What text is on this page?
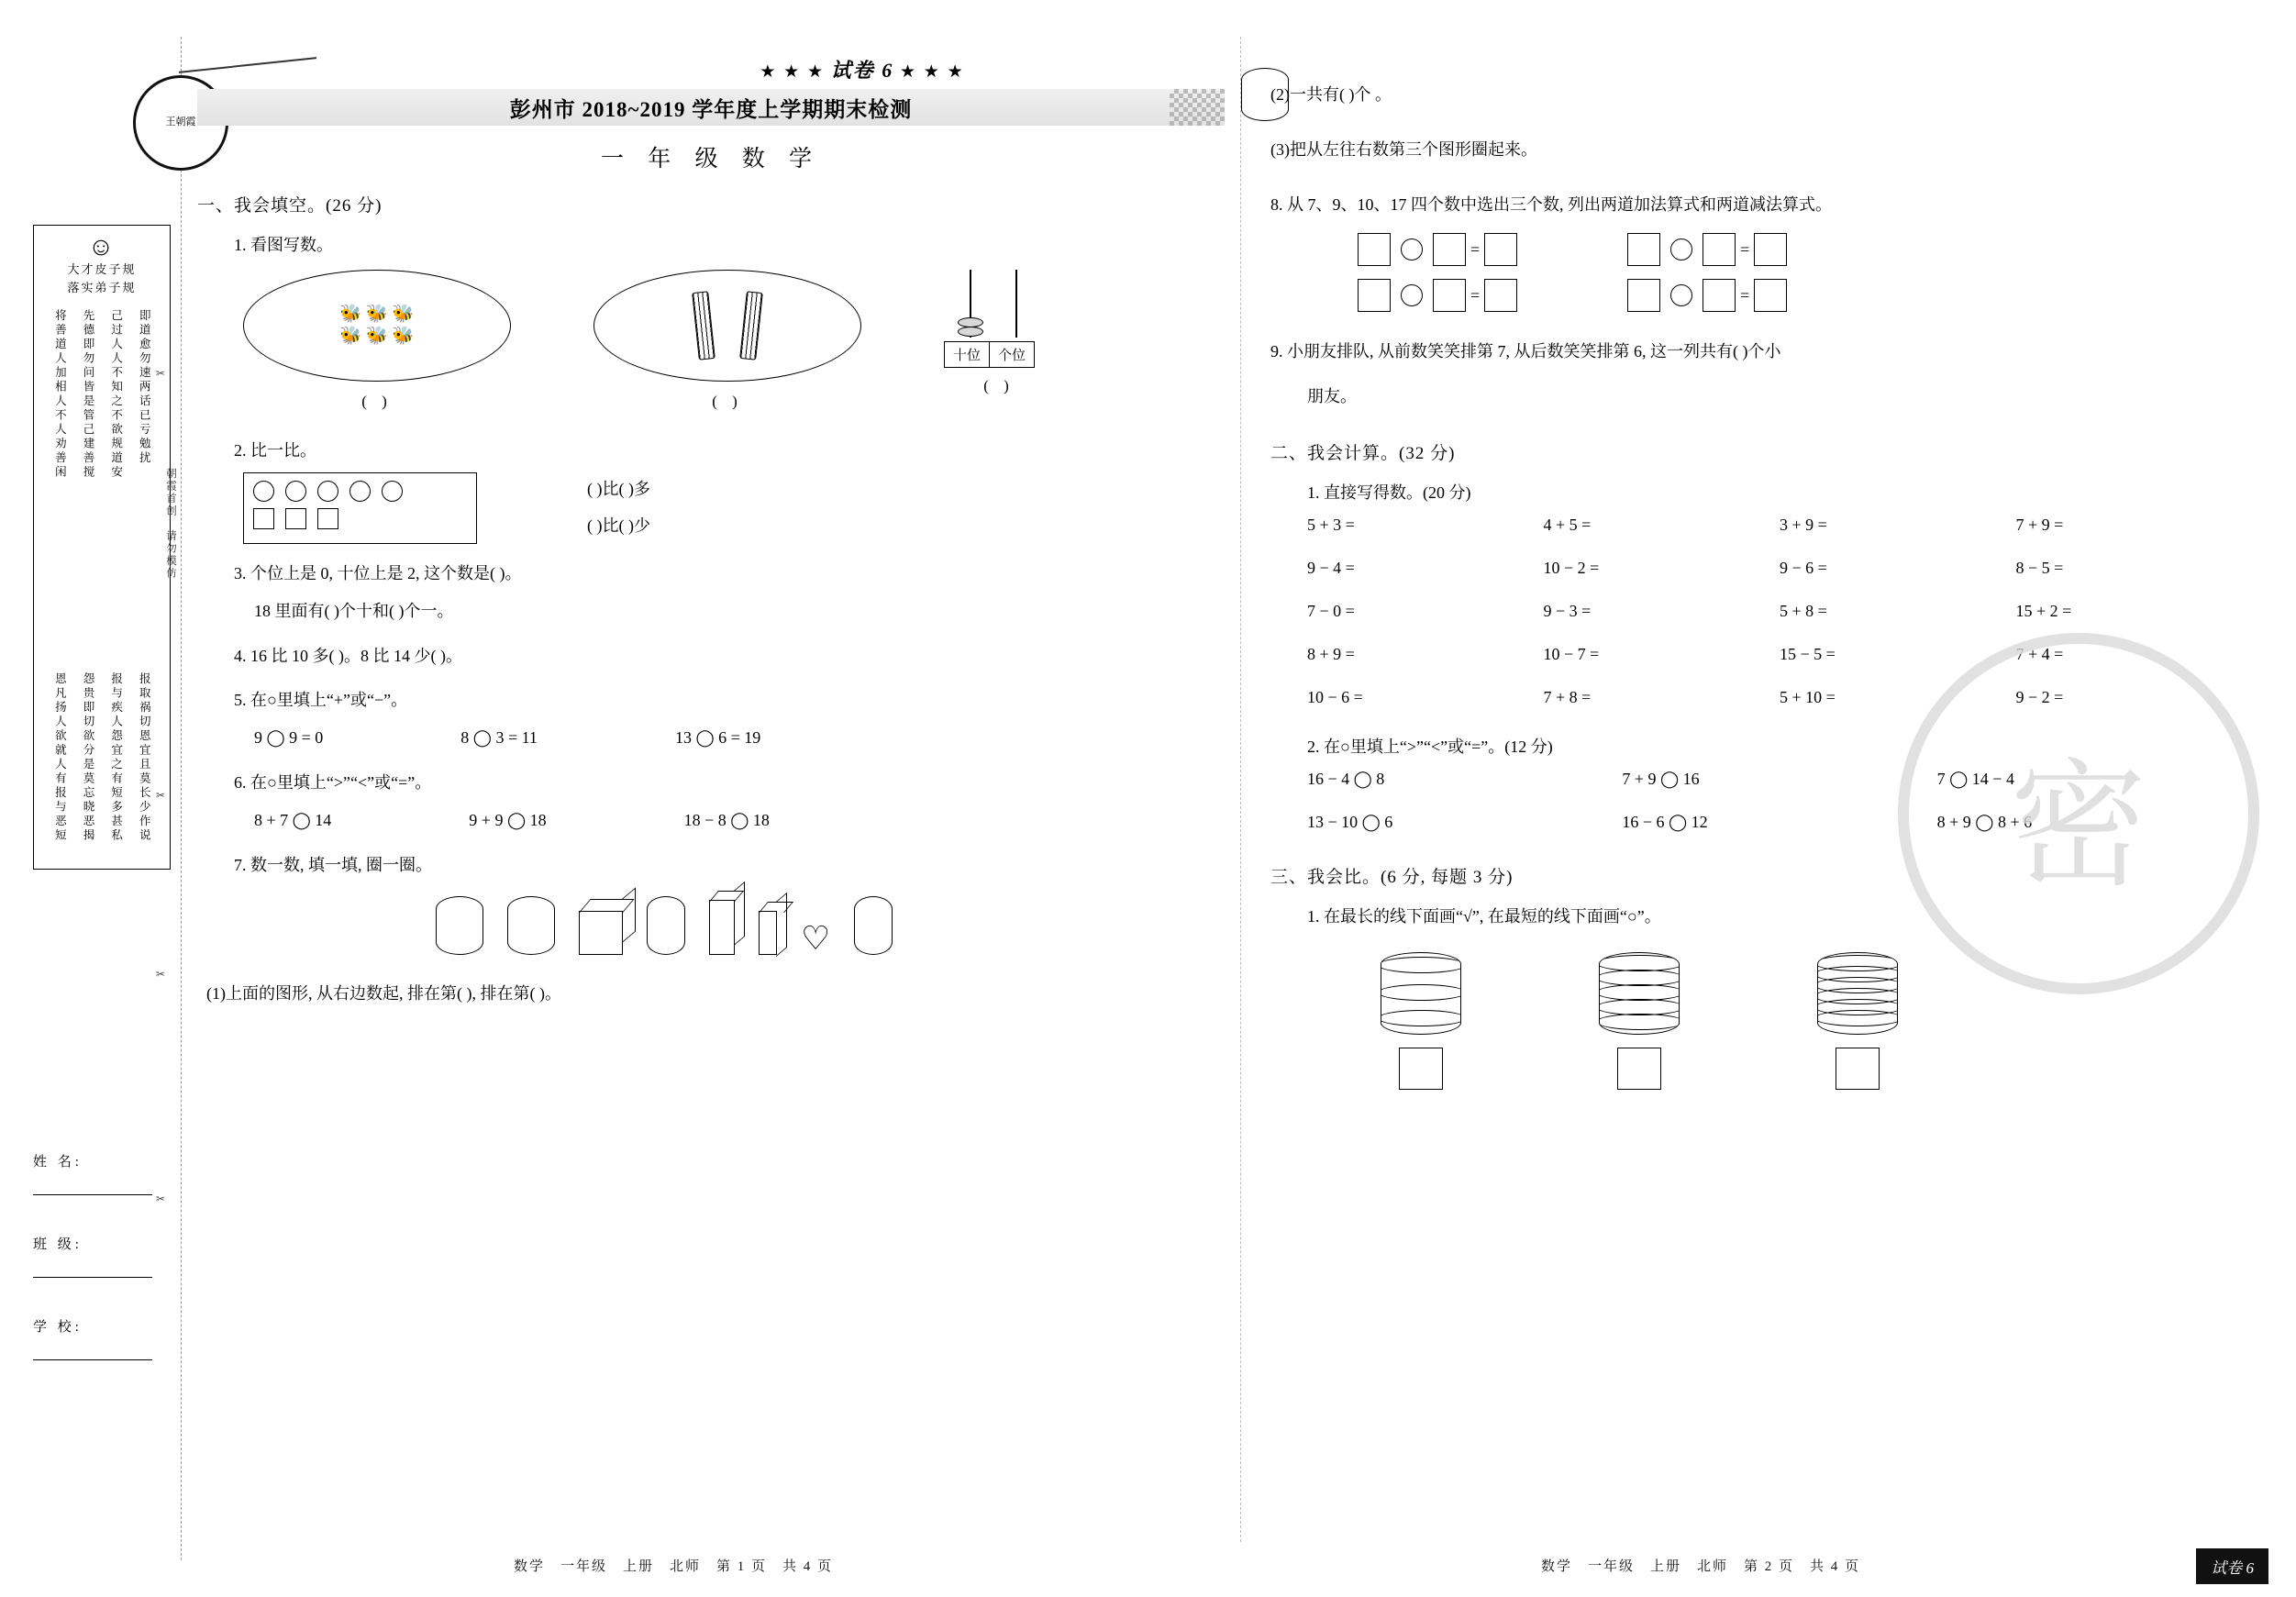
☺
大才皮子规
落实弟子规
将善道人加相人不人劝善闲 先德即勿问皆是管己建善搅 己过人人不知之不欲规道安 即道愈勿速两话已亏勉扰
恩凡扬人欲就人有报与恶短 怨贵即切欲分是莫忘晓恶揭 报与疾人怨宜之有短多甚私 报取祸切恩宜且莫长少作说
朝霞首创 请勿模仿
✂
✂
✂
✂
姓 名:
班 级:
学 校:
王朝霞
★ ★ ★ 试卷 6 ★ ★ ★
彭州市 2018~2019 学年度上学期期末检测
一 年 级 数 学
一、我会填空。(26 分)
1. 看图写数。
🐝 🐝 🐝
🐝 🐝 🐝
( )	( )
十位	个位
( )
2. 比一比。
( )比( )多
( )比( )少
3. 个位上是 0, 十位上是 2, 这个数是( )。
18 里面有( )个十和( )个一。
4. 16 比 10 多( )。8 比 14 少( )。
5. 在○里填上“+”或“−”。
9 ◯ 9 = 0	8 ◯ 3 = 11	13 ◯ 6 = 19
6. 在○里填上“>”“<”或“=”。
8 + 7 ◯ 14	9 + 9 ◯ 18	18 − 8 ◯ 18
7. 数一数, 填一填, 圈一圈。
♡
(1)上面的图形, 从右边数起, 排在第( ), 排在第( )。
(2)一共有( )个 。
(3)把从左往右数第三个图形圈起来。
8. 从 7、9、10、17 四个数中选出三个数, 列出两道加法算式和两道减法算式。
=	=
=	=
9. 小朋友排队, 从前数笑笑排第 7, 从后数笑笑排第 6, 这一列共有( )个小
朋友。
二、我会计算。(32 分)
1. 直接写得数。(20 分)
5 + 3 =	4 + 5 =	3 + 9 =	7 + 9 =
9 − 4 =	10 − 2 =	9 − 6 =	8 − 5 =
7 − 0 =	9 − 3 =	5 + 8 =	15 + 2 =
8 + 9 =	10 − 7 =	15 − 5 =	7 + 4 =
10 − 6 =	7 + 8 =	5 + 10 =	9 − 2 =
2. 在○里填上“>”“<”或“=”。(12 分)
16 − 4 ◯ 8	7 + 9 ◯ 16	7 ◯ 14 − 4
13 − 10 ◯ 6	16 − 6 ◯ 12	8 + 9 ◯ 8 + 6
三、我会比。(6 分, 每题 3 分)
1. 在最长的线下面画“√”, 在最短的线下面画“○”。
密
数学　一年级　上册　北师　第 1 页　共 4 页	数学　一年级　上册　北师　第 2 页　共 4 页	试卷 6
